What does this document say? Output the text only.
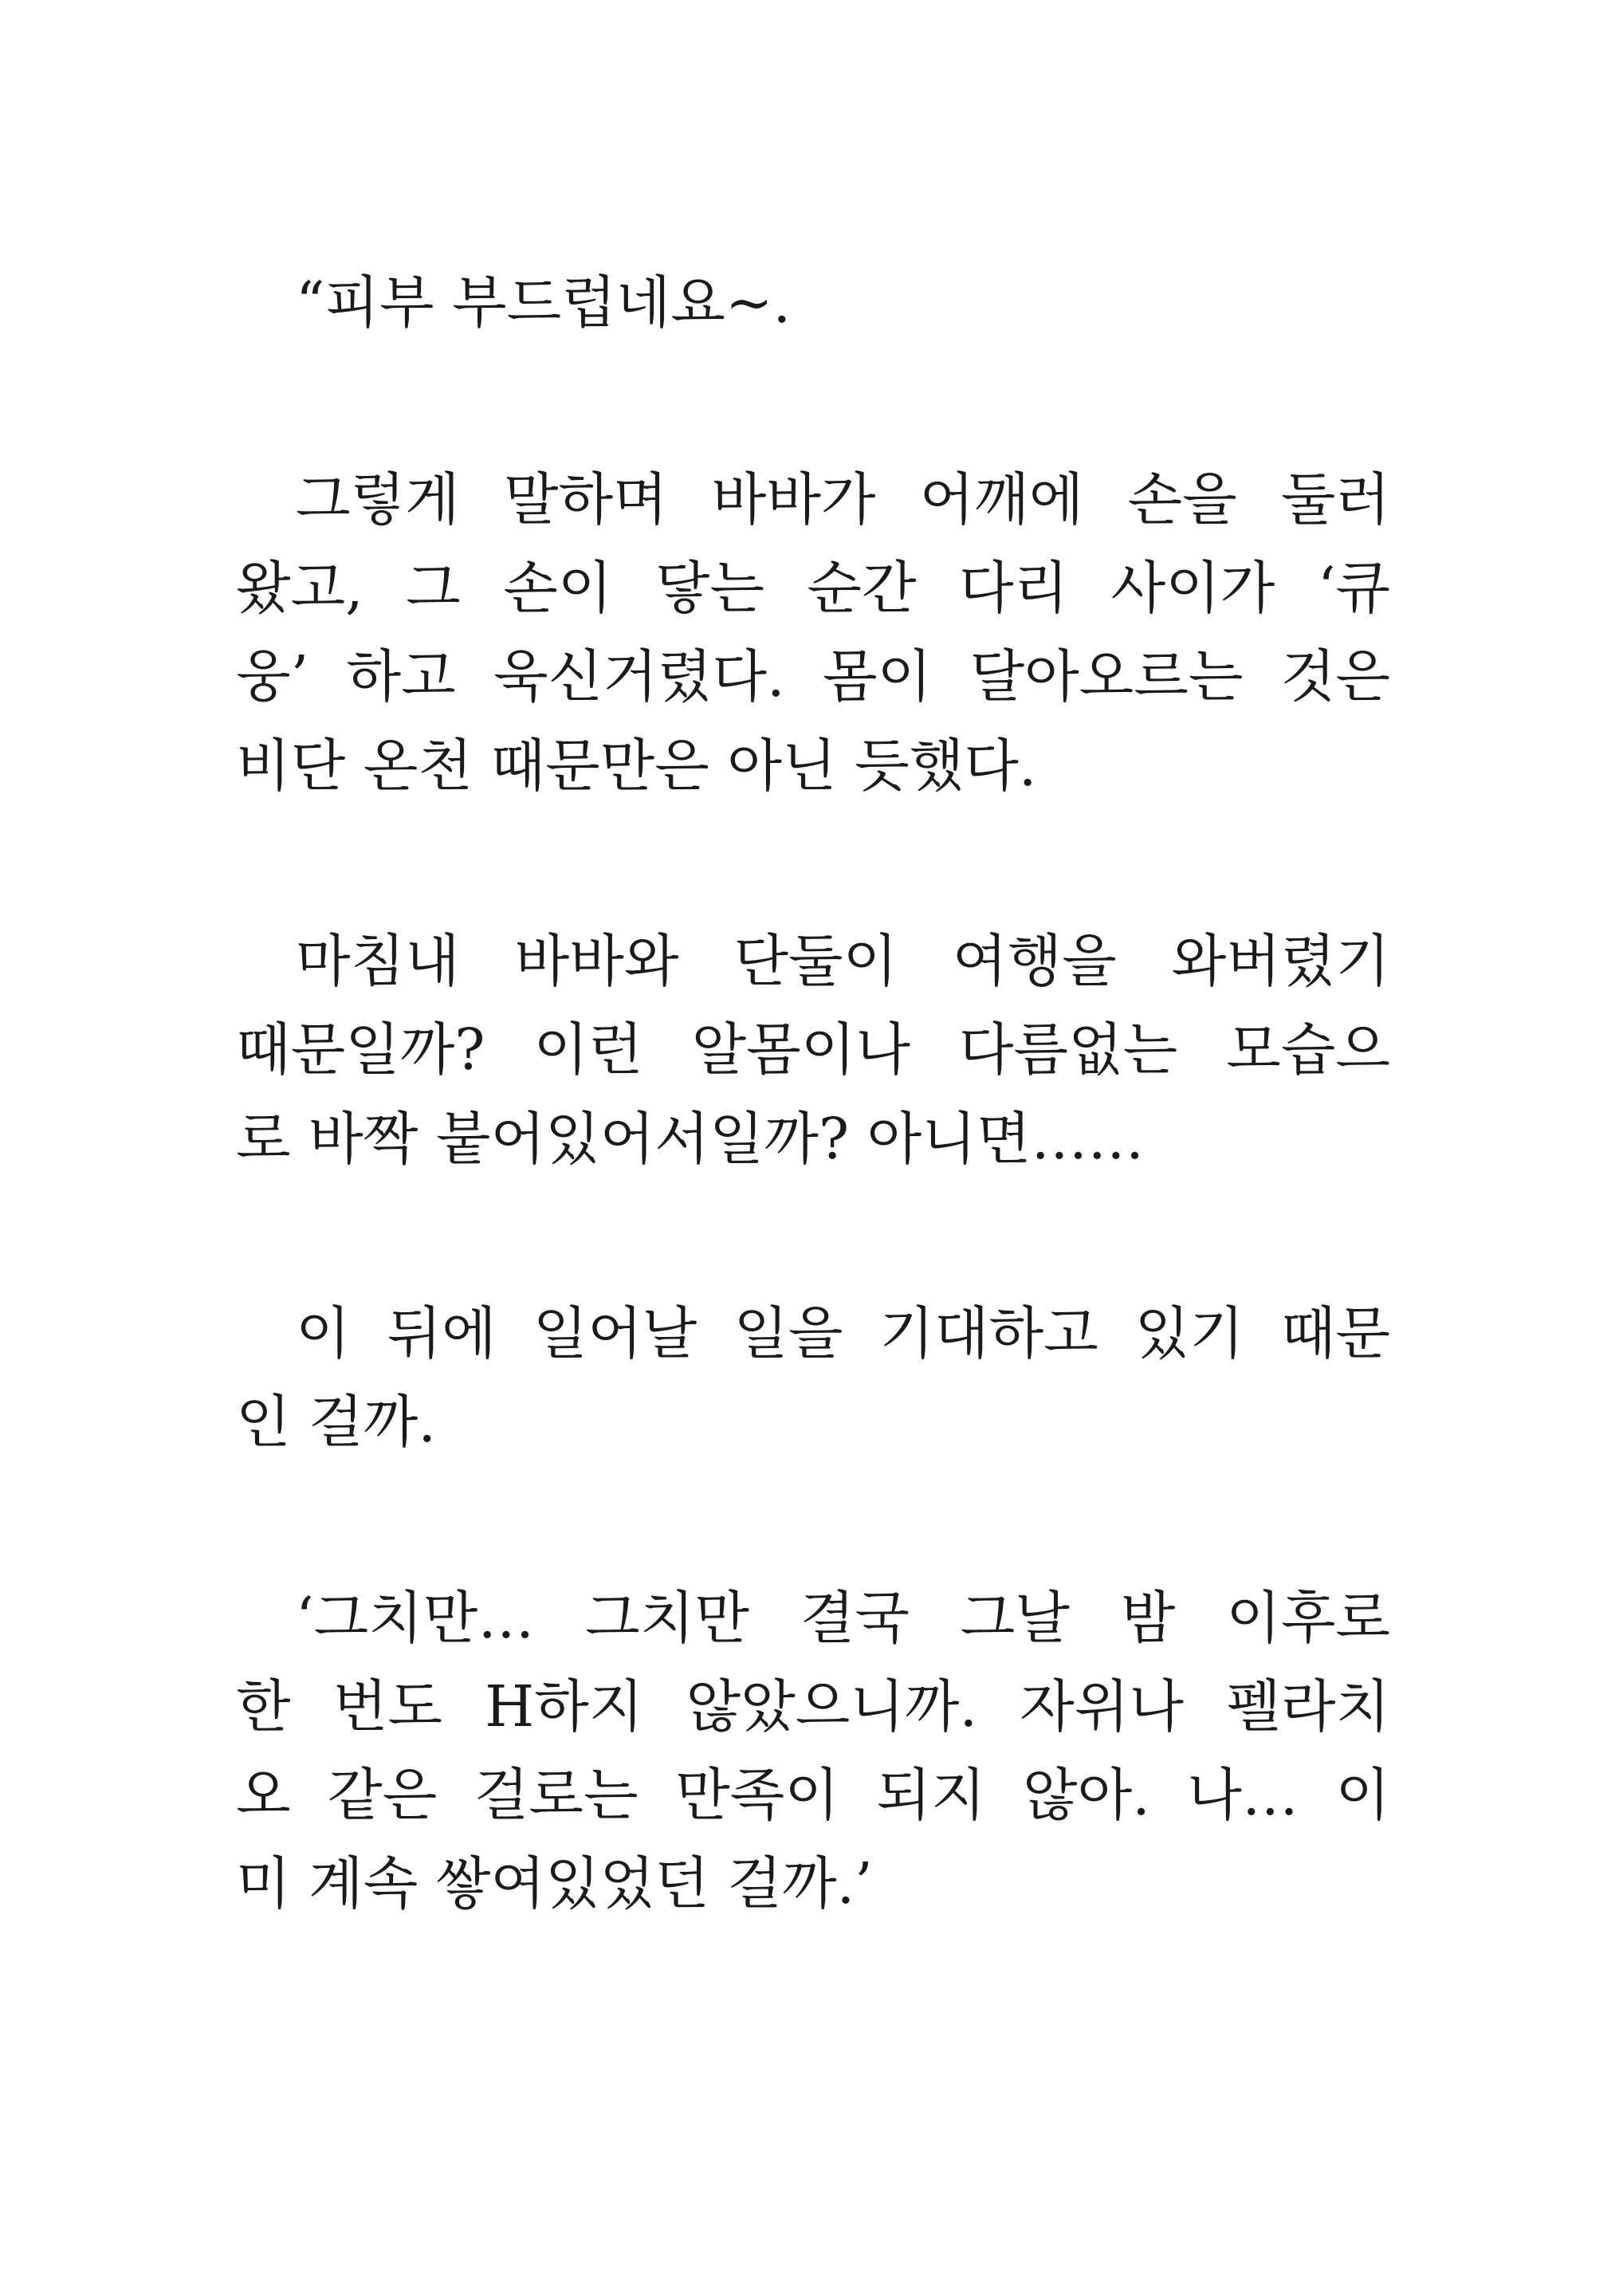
“피부 부드럽네요~.
그렇게 말하며 바바가 어깨에 손을 둘러
왔고, 그 손이 닿는 순간 다리 사이가 ‘큐
웅’ 하고 욱신거렸다. 몸이 달아오르는 것은
비단 온천 때문만은 아닌 듯했다.
마침내 바바와 단둘이 여행을 와버렸기
때문일까? 이런 알몸이나 다름없는 모습으
로 바짝 붙어있어서일까? 아니면……
이 뒤에 일어날 일을 기대하고 있기 때문
인 걸까.
‘그치만… 그치만 결국 그날 밤 이후로
한 번도 H하지 않았으니까. 자위나 펠라치
오 같은 걸로는 만족이 되지 않아. 나… 이
미 계속 쌓여있었던 걸까.’
